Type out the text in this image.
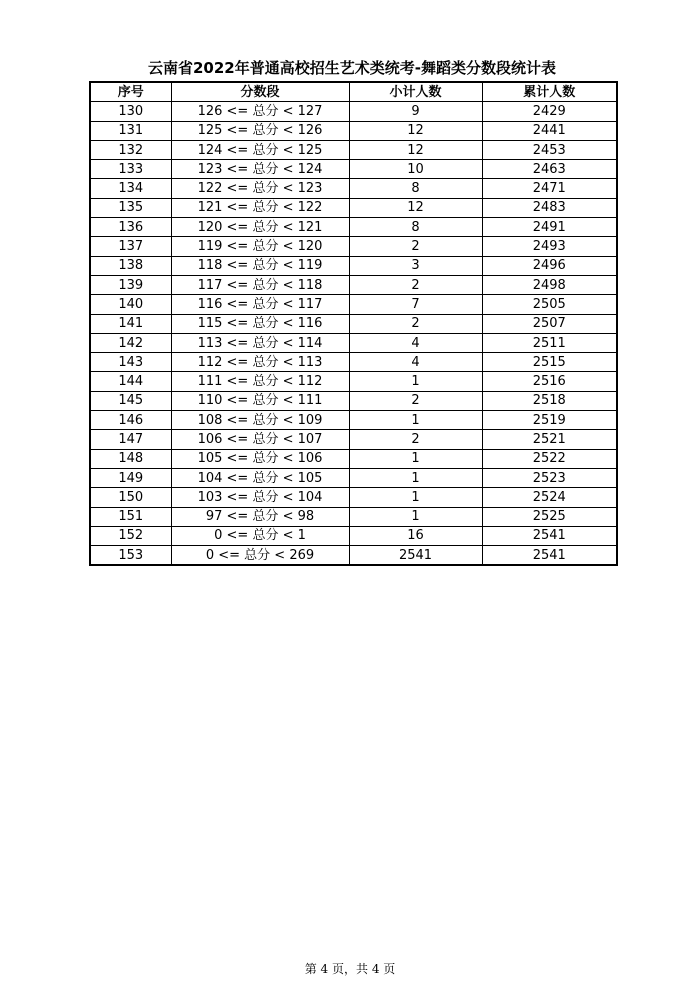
云南省2022年普通高校招生艺术类统考-舞蹈类分数段统计表
序号	分数段	小计人数	累计人数
130	126 <= 总分 < 127	9	2429
131	125 <= 总分 < 126	12	2441
132	124 <= 总分 < 125	12	2453
133	123 <= 总分 < 124	10	2463
134	122 <= 总分 < 123	8	2471
135	121 <= 总分 < 122	12	2483
136	120 <= 总分 < 121	8	2491
137	119 <= 总分 < 120	2	2493
138	118 <= 总分 < 119	3	2496
139	117 <= 总分 < 118	2	2498
140	116 <= 总分 < 117	7	2505
141	115 <= 总分 < 116	2	2507
142	113 <= 总分 < 114	4	2511
143	112 <= 总分 < 113	4	2515
144	111 <= 总分 < 112	1	2516
145	110 <= 总分 < 111	2	2518
146	108 <= 总分 < 109	1	2519
147	106 <= 总分 < 107	2	2521
148	105 <= 总分 < 106	1	2522
149	104 <= 总分 < 105	1	2523
150	103 <= 总分 < 104	1	2524
151	97 <= 总分 < 98	1	2525
152	0 <= 总分 < 1	16	2541
153	0 <= 总分 < 269	2541	2541
第 4 页，共 4 页
